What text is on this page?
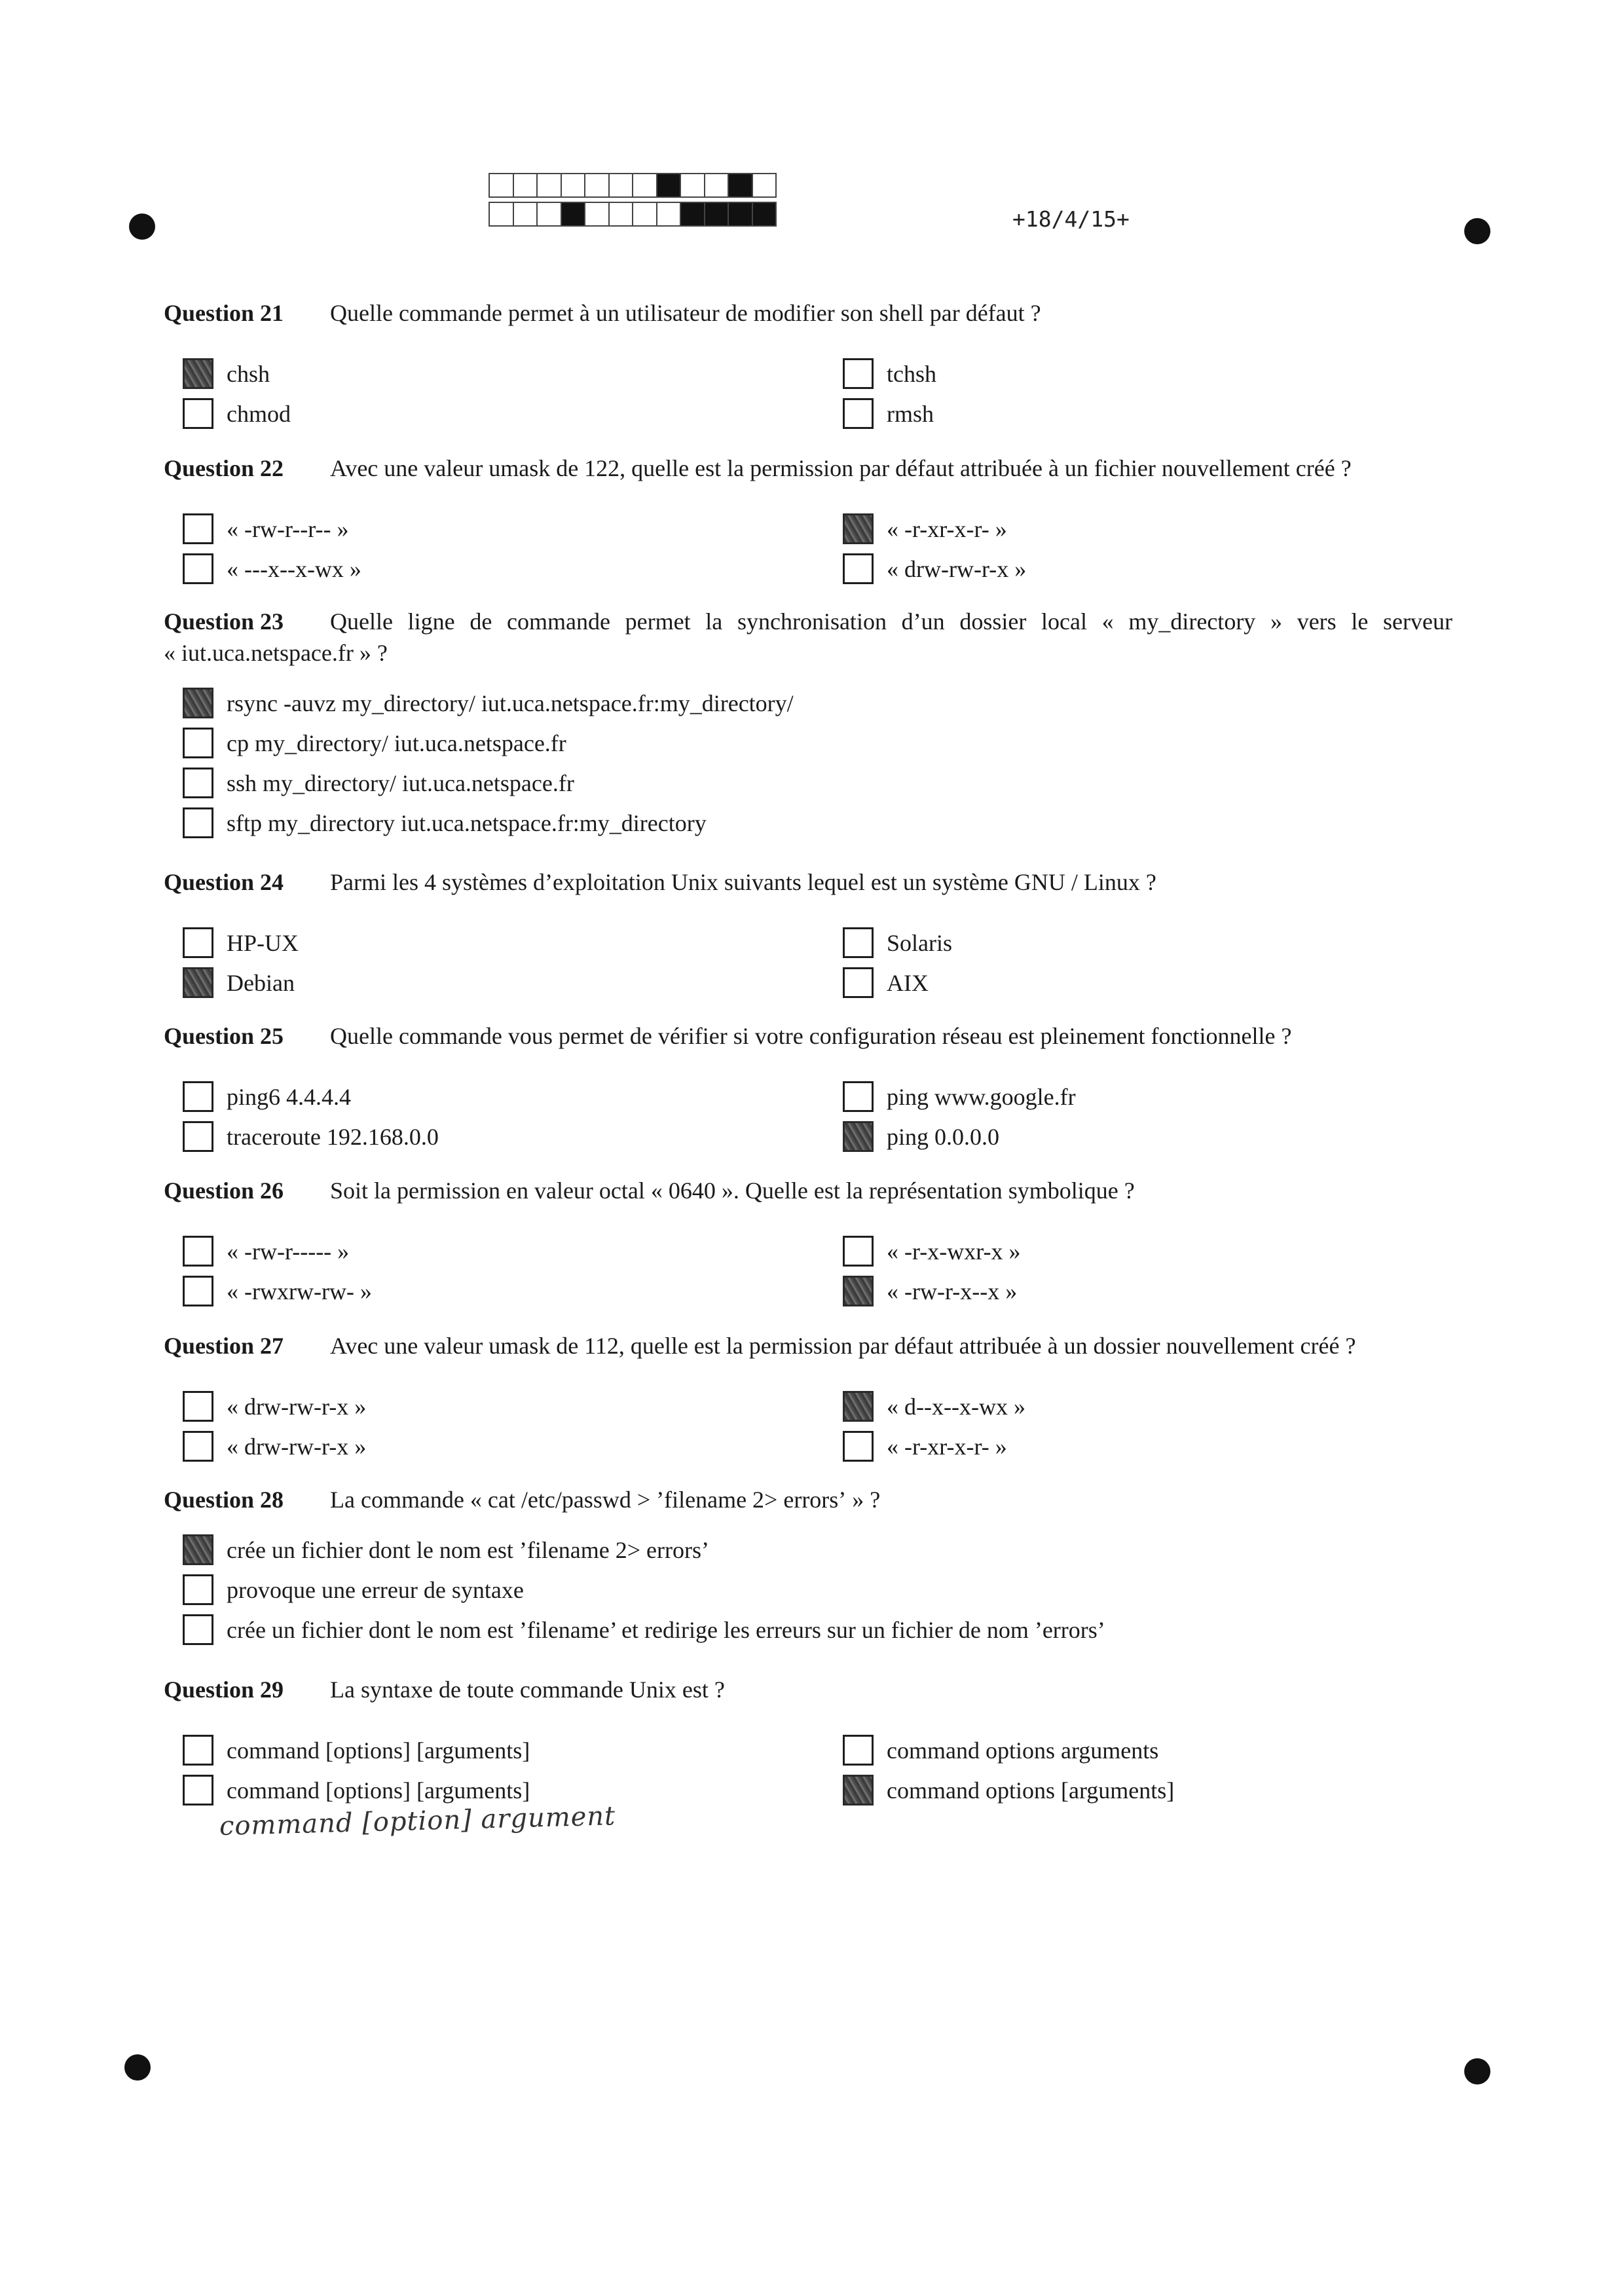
+18/4/15+
Question 21 Quelle commande permet à un utilisateur de modifier son shell par défaut ?
chsh
chmod
tchsh
rmsh
Question 22 Avec une valeur umask de 122, quelle est la permission par défaut attribuée à un fichier nouvellement créé ?
« -rw-r--r-- »
« ---x--x-wx »
« -r-xr-x-r- »
« drw-rw-r-x »
Question 23 Quelle ligne de commande permet la synchronisation d’un dossier local « my_directory » vers le serveur « iut.uca.netspace.fr » ?
rsync -auvz my_directory/ iut.uca.netspace.fr:my_directory/
cp my_directory/ iut.uca.netspace.fr
ssh my_directory/ iut.uca.netspace.fr
sftp my_directory iut.uca.netspace.fr:my_directory
Question 24 Parmi les 4 systèmes d’exploitation Unix suivants lequel est un système GNU / Linux ?
HP-UX
Debian
Solaris
AIX
Question 25 Quelle commande vous permet de vérifier si votre configuration réseau est pleinement fonctionnelle ?
ping6 4.4.4.4
traceroute 192.168.0.0
ping www.google.fr
ping 0.0.0.0
Question 26 Soit la permission en valeur octal « 0640 ». Quelle est la représentation symbolique ?
« -rw-r----- »
« -rwxrw-rw- »
« -r-x-wxr-x »
« -rw-r-x--x »
Question 27 Avec une valeur umask de 112, quelle est la permission par défaut attribuée à un dossier nouvellement créé ?
« drw-rw-r-x »
« drw-rw-r-x »
« d--x--x-wx »
« -r-xr-x-r- »
Question 28 La commande « cat /etc/passwd > ’filename 2> errors’ » ?
crée un fichier dont le nom est ’filename 2> errors’
provoque une erreur de syntaxe
crée un fichier dont le nom est ’filename’ et redirige les erreurs sur un fichier de nom ’errors’
Question 29 La syntaxe de toute commande Unix est ?
command [options] [arguments]
command [options] [arguments]
command options arguments
command options [arguments]
command [option] argument
